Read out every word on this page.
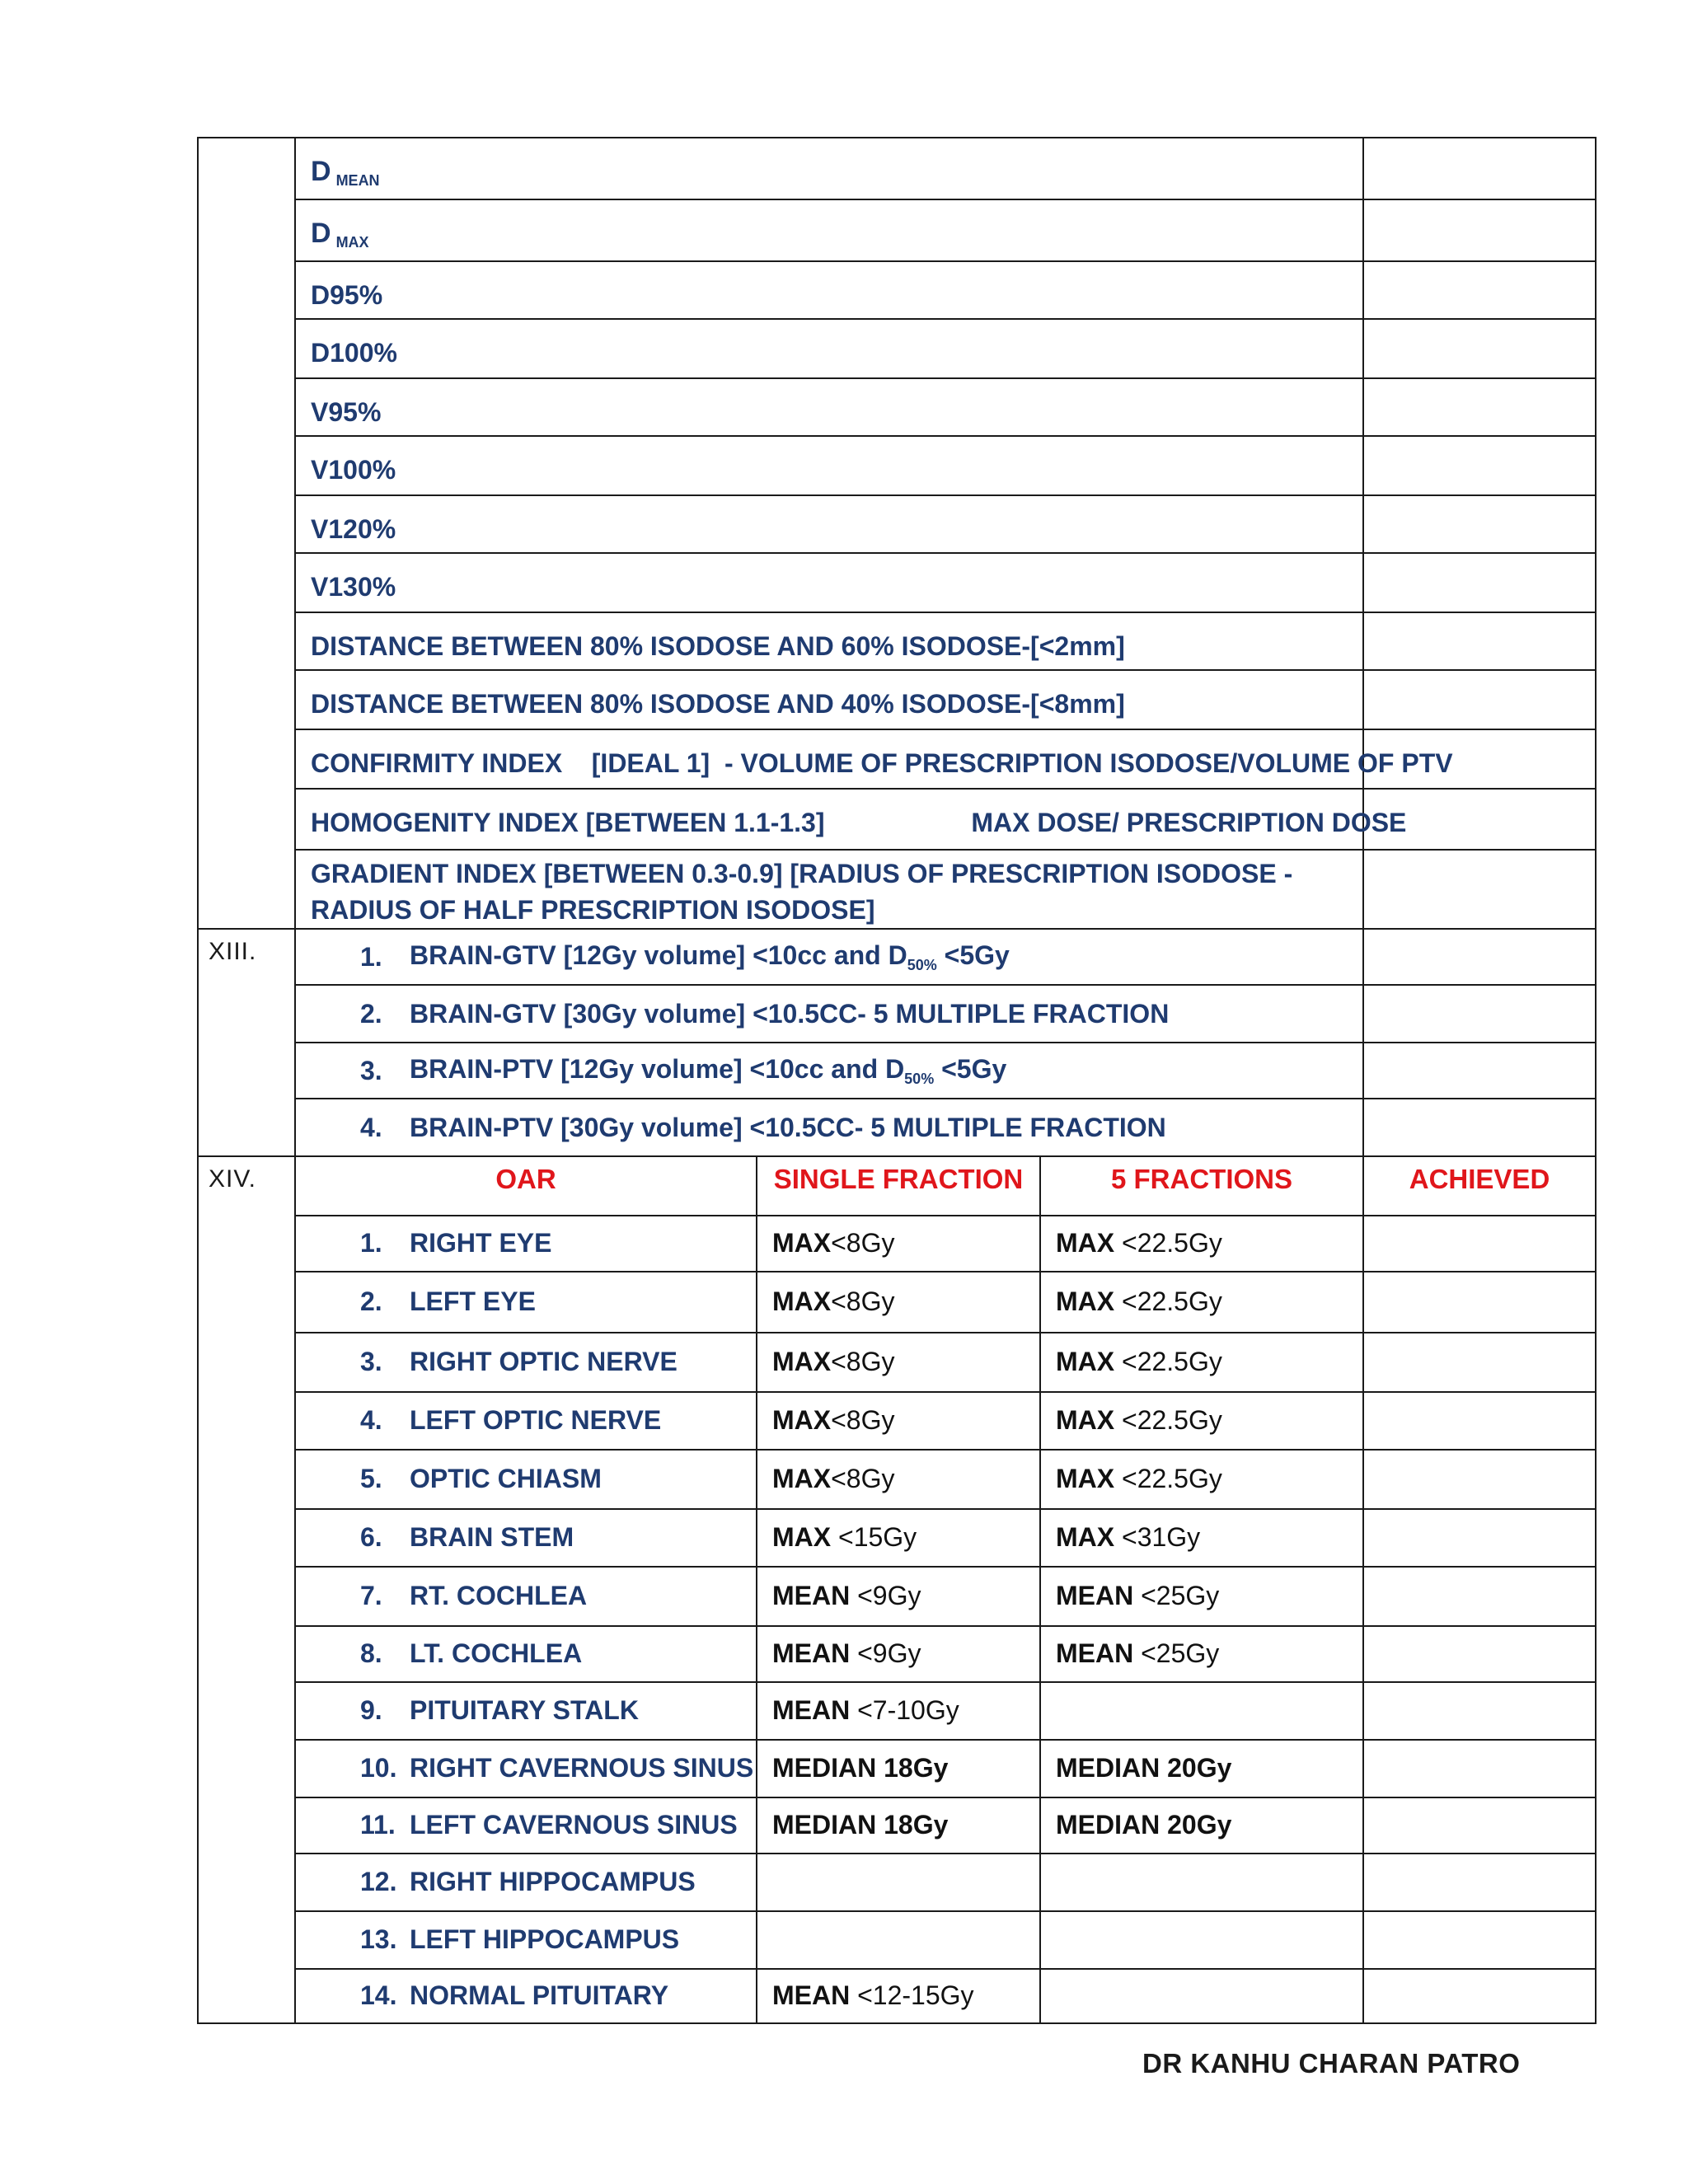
	DMEAN			

	DMAX			

	D95%			

	D100%			

	V95%			

	V100%			

	V120%			

	V130%			

	DISTANCE BETWEEN 80% ISODOSE AND 60% ISODOSE-[<2mm]			

	DISTANCE BETWEEN 80% ISODOSE AND 40% ISODOSE-[<8mm]			

	CONFIRMITY INDEX    [IDEAL 1]  - VOLUME OF PRESCRIPTION ISODOSE/VOLUME OF PTV			

	HOMOGENITY INDEX [BETWEEN 1.1-1.3]                    MAX DOSE/ PRESCRIPTION DOSE			

	GRADIENT INDEX [BETWEEN 0.3-0.9] [RADIUS OF PRESCRIPTION ISODOSE - RADIUS OF HALF PRESCRIPTION ISODOSE]			

XIII.	1. BRAIN-GTV [12Gy volume] <10cc and $D_{50\%} <5Gy$			

	2. BRAIN-GTV [30Gy volume] <10.5CC- 5 MULTIPLE FRACTION			

	3. BRAIN-PTV [12Gy volume] <10cc and $D_{50\%} <5Gy$			

	4. BRAIN-PTV [30Gy volume] <10.5CC- 5 MULTIPLE FRACTION			

XIV.	OAR	SINGLE FRACTION	5 FRACTIONS	ACHIEVED

	1. RIGHT EYE	MAX <8Gy	MAX <22.5Gy	

	2. LEFT EYE	MAX <8Gy	MAX <22.5Gy	

	3. RIGHT OPTIC NERVE	MAX <8Gy	MAX <22.5Gy	

	4. LEFT OPTIC NERVE	MAX <8Gy	MAX <22.5Gy	

	5. OPTIC CHIASM	MAX <8Gy	MAX <22.5Gy	

	6. BRAIN STEM	MAX <15Gy	MAX <31Gy	

	7. RT. COCHLEA	MEAN <9Gy	MEAN <25Gy	

	8. LT. COCHLEA	MEAN <9Gy	MEAN <25Gy	

	9. PITUITARY STALK	MEAN <7-10Gy		

	10. RIGHT CAVERNOUS SINUS	MEDIAN 18Gy	MEDIAN 20Gy	

	11. LEFT CAVERNOUS SINUS	MEDIAN 18Gy	MEDIAN 20Gy	

	12. RIGHT HIPPOCAMPUS			

	13. LEFT HIPPOCAMPUS			

	14. NORMAL PITUITARY	MEAN <12-15Gy		

DR KANHU CHARAN PATRO
